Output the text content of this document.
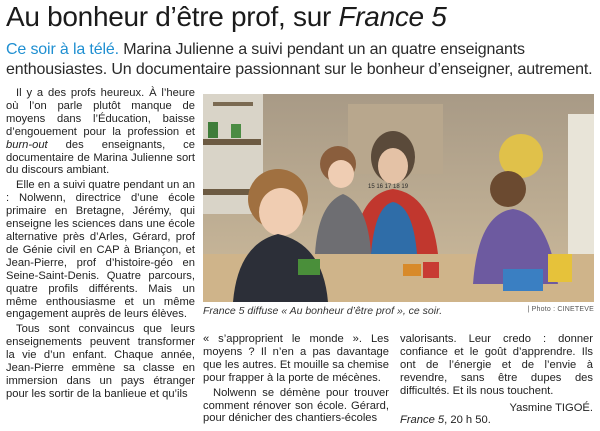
Au bonheur d’être prof, sur France 5
Ce soir à la télé. Marina Julienne a suivi pendant un an quatre enseignants enthousiastes. Un documentaire passionnant sur le bonheur d’enseigner, autrement.

Il y a des profs heureux. À l’heure où l’on parle plutôt manque de moyens dans l’Éducation, baisse d’engouement pour la profession et burn-out des enseignants, ce documentaire de Marina Julienne sort du discours ambiant.

Elle en a suivi quatre pendant un an : Nolwenn, directrice d’une école primaire en Bretagne, Jérémy, qui enseigne les sciences dans une école alternative près d’Arles, Gérard, prof de Génie civil en CAP à Briançon, et Jean-Pierre, prof d’histoire-géo en Seine-Saint-Denis. Quatre parcours, quatre profils différents. Mais un même enthousiasme et un même engagement auprès de leurs élèves.

Tous sont convaincus que leurs enseignements peuvent transformer la vie d’un enfant. Chaque année, Jean-Pierre emmène sa classe en immersion dans un pays étranger pour les sortir de la banlieue et qu’ils

15 16 17 18 19
France 5 diffuse « Au bonheur d’être prof », ce soir.	| Photo : CINETEVE

« s’approprient le monde ». Les moyens ? Il n’en a pas davantage que les autres. Et mouille sa chemise pour frapper à la porte de mécènes.

Nolwenn se démène pour trouver comment rénover son école. Gérard, pour dénicher des chantiers-écoles

valorisants. Leur credo : donner confiance et le goût d’apprendre. Ils ont de l’énergie et de l’envie à revendre, sans être dupes des difficultés. Et ils nous touchent.

Yasmine TIGOÉ.
France 5, 20 h 50.
